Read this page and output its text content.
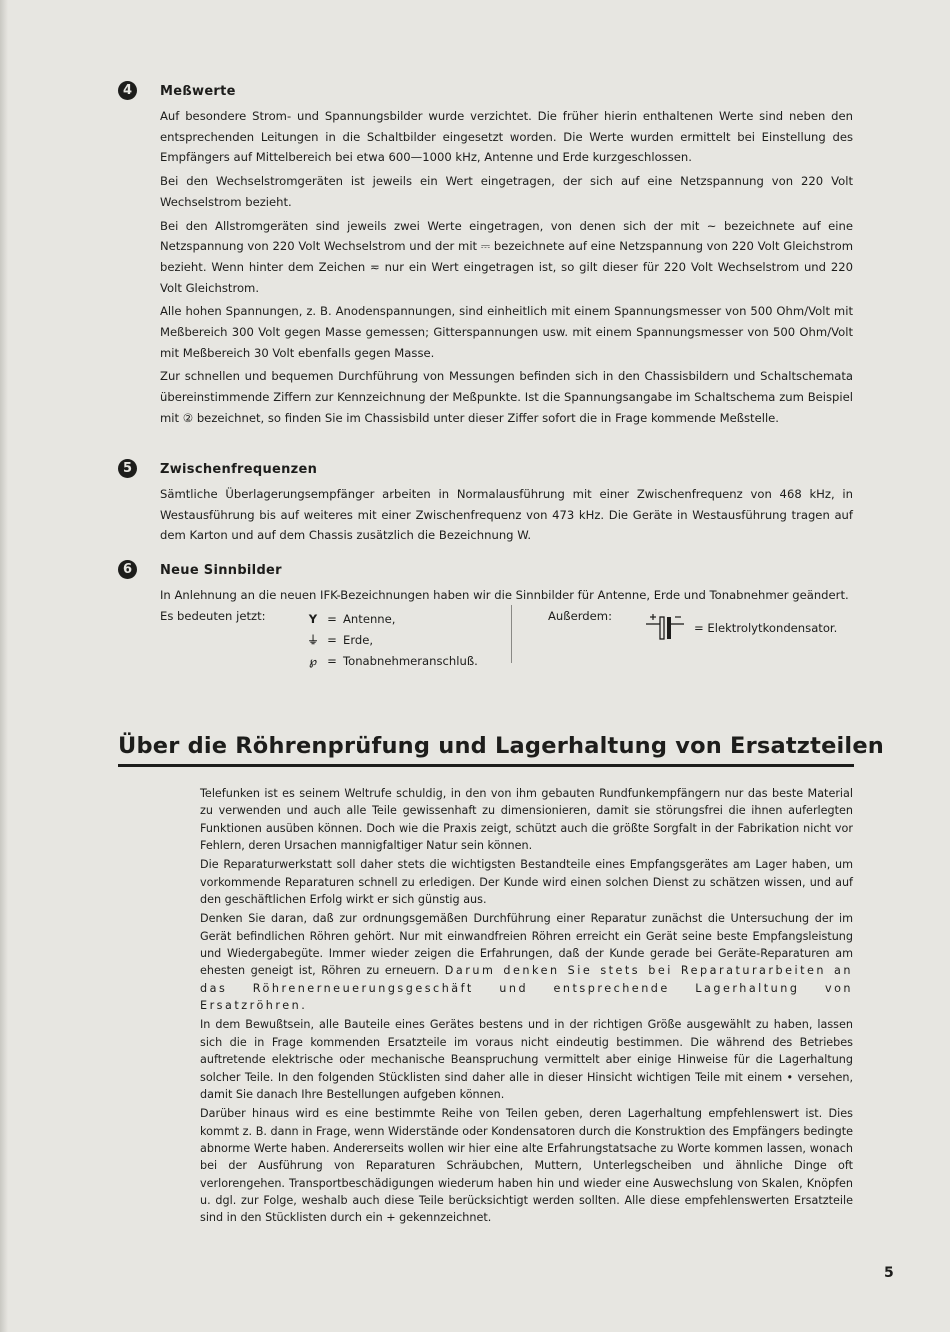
4	Meßwerte

Auf besondere Strom- und Spannungsbilder wurde verzichtet. Die früher hierin enthaltenen Werte sind neben den entsprechenden Leitungen in die Schaltbilder eingesetzt worden. Die Werte wurden ermittelt bei Einstellung des Empfängers auf Mittelbereich bei etwa 600—1000 kHz, Antenne und Erde kurzgeschlossen.

Bei den Wechselstromgeräten ist jeweils ein Wert eingetragen, der sich auf eine Netzspannung von 220 Volt Wechselstrom bezieht.

Bei den Allstromgeräten sind jeweils zwei Werte eingetragen, von denen sich der mit ~ bezeichnete auf eine Netzspannung von 220 Volt Wechselstrom und der mit ⎓ bezeichnete auf eine Netzspannung von 220 Volt Gleichstrom bezieht. Wenn hinter dem Zeichen ≂ nur ein Wert eingetragen ist, so gilt dieser für 220 Volt Wechselstrom und 220 Volt Gleichstrom.

Alle hohen Spannungen, z. B. Anodenspannungen, sind einheitlich mit einem Spannungsmesser von 500 Ohm/Volt mit Meßbereich 300 Volt gegen Masse gemessen; Gitterspannungen usw. mit einem Spannungsmesser von 500 Ohm/Volt mit Meßbereich 30 Volt ebenfalls gegen Masse.

Zur schnellen und bequemen Durchführung von Messungen befinden sich in den Chassisbildern und Schaltschemata übereinstimmende Ziffern zur Kennzeichnung der Meßpunkte. Ist die Spannungsangabe im Schaltschema zum Beispiel mit ② bezeichnet, so finden Sie im Chassisbild unter dieser Ziffer sofort die in Frage kommende Meßstelle.

5	Zwischenfrequenzen

Sämtliche Überlagerungsempfänger arbeiten in Normalausführung mit einer Zwischenfrequenz von 468 kHz, in Westausführung bis auf weiteres mit einer Zwischenfrequenz von 473 kHz. Die Geräte in Westausführung tragen auf dem Karton und auf dem Chassis zusätzlich die Bezeichnung W.

6	Neue Sinnbilder

In Anlehnung an die neuen IFK-Bezeichnungen haben wir die Sinnbilder für Antenne, Erde und Tonabnehmer geändert.

Es bedeuten jetzt:	Y = Antenne,
⏚ = Erde,
℘ = Tonabnehmeranschluß.
Außerdem:
= Elektrolytkondensator.
Über die Röhrenprüfung und Lagerhaltung von Ersatzteilen

Telefunken ist es seinem Weltrufe schuldig, in den von ihm gebauten Rundfunkempfängern nur das beste Material zu verwenden und auch alle Teile gewissenhaft zu dimensionieren, damit sie störungsfrei die ihnen auferlegten Funktionen ausüben können. Doch wie die Praxis zeigt, schützt auch die größte Sorgfalt in der Fabrikation nicht vor Fehlern, deren Ursachen mannigfaltiger Natur sein können.

Die Reparaturwerkstatt soll daher stets die wichtigsten Bestandteile eines Empfangsgerätes am Lager haben, um vorkommende Reparaturen schnell zu erledigen. Der Kunde wird einen solchen Dienst zu schätzen wissen, und auf den geschäftlichen Erfolg wirkt er sich günstig aus.

Denken Sie daran, daß zur ordnungsgemäßen Durchführung einer Reparatur zunächst die Untersuchung der im Gerät befindlichen Röhren gehört. Nur mit einwandfreien Röhren erreicht ein Gerät seine beste Empfangsleistung und Wiedergabegüte. Immer wieder zeigen die Erfahrungen, daß der Kunde gerade bei Geräte-Reparaturen am ehesten geneigt ist, Röhren zu erneuern. Darum denken Sie stets bei Reparaturarbeiten an das Röhrenerneuerungsgeschäft und entsprechende Lagerhaltung von Ersatzröhren.

In dem Bewußtsein, alle Bauteile eines Gerätes bestens und in der richtigen Größe ausgewählt zu haben, lassen sich die in Frage kommenden Ersatzteile im voraus nicht eindeutig bestimmen. Die während des Betriebes auftretende elektrische oder mechanische Beanspruchung vermittelt aber einige Hinweise für die Lagerhaltung solcher Teile. In den folgenden Stücklisten sind daher alle in dieser Hinsicht wichtigen Teile mit einem • versehen, damit Sie danach Ihre Bestellungen aufgeben können.

Darüber hinaus wird es eine bestimmte Reihe von Teilen geben, deren Lagerhaltung empfehlenswert ist. Dies kommt z. B. dann in Frage, wenn Widerstände oder Kondensatoren durch die Konstruktion des Empfängers bedingte abnorme Werte haben. Andererseits wollen wir hier eine alte Erfahrungstatsache zu Worte kommen lassen, wonach bei der Ausführung von Reparaturen Schräubchen, Muttern, Unterlegscheiben und ähnliche Dinge oft verlorengehen. Transportbeschädigungen wiederum haben hin und wieder eine Auswechslung von Skalen, Knöpfen u. dgl. zur Folge, weshalb auch diese Teile berücksichtigt werden sollten. Alle diese empfehlenswerten Ersatzteile sind in den Stücklisten durch ein + gekennzeichnet.

5
